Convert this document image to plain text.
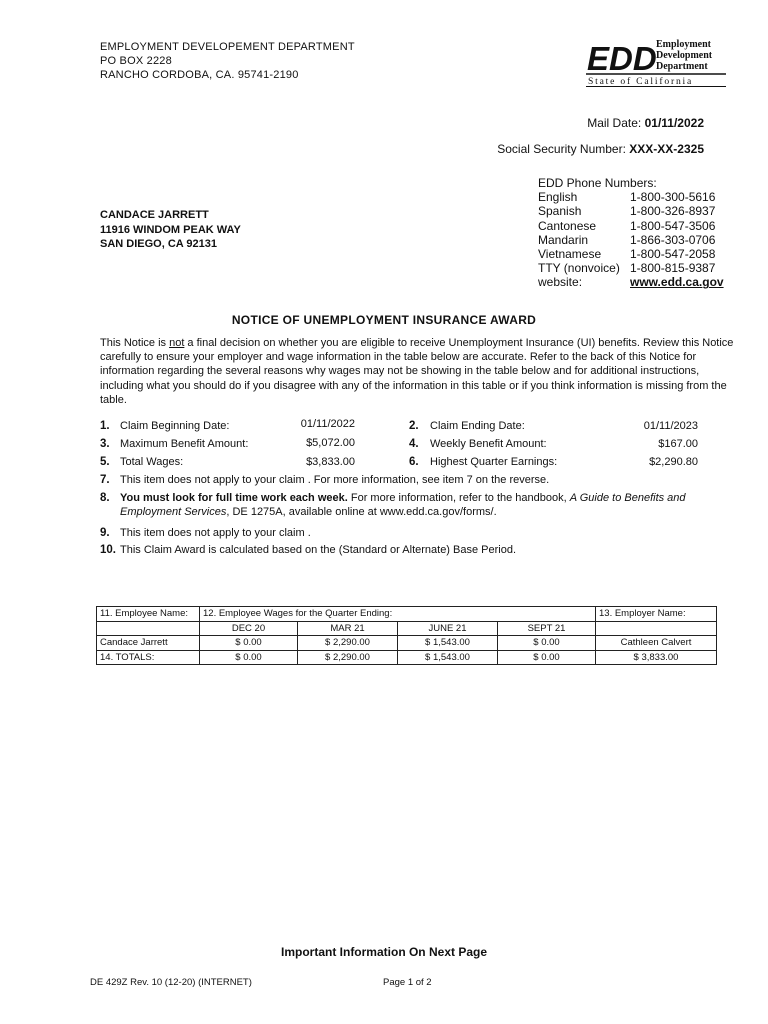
EMPLOYMENT DEVELOPEMENT DEPARTMENT
PO BOX 2228
RANCHO CORDOBA, CA. 95741-2190	EDD Employment
Development
Department
State of California
Mail Date: 01/11/2022
Social Security Number: XXX-XX-2325
EDD Phone Numbers:
English	1-800-300-5616
Spanish	1-800-326-8937
Cantonese	1-800-547-3506
Mandarin	1-866-303-0706
Vietnamese	1-800-547-2058
TTY (nonvoice) 1-800-815-9387
website:	www.edd.ca.gov
CANDACE JARRETT
11916 WINDOM PEAK WAY
SAN DIEGO, CA 92131
NOTICE OF UNEMPLOYMENT INSURANCE AWARD
This Notice is not a final decision on whether you are eligible to receive Unemployment Insurance (UI) benefits. Review this Notice carefully to ensure your employer and wage information in the table below are accurate. Refer to the back of this Notice for information regarding the several reasons why wages may not be showing in the table below and for additional instructions, including what you should do if you disagree with any of the information in this table or if you think information is missing from the table.
1. Claim Beginning Date:	01/11/2022	2. Claim Ending Date:	01/11/2023
3. Maximum Benefit Amount:	$5,072.00	4. Weekly Benefit Amount:	$167.00
5. Total Wages:	$3,833.00	6. Highest Quarter Earnings:	$2,290.80
7. This item does not apply to your claim . For more information, see item 7 on the reverse.
8. You must look for full time work each week. For more information, refer to the handbook, A Guide to Benefits and Employment Services, DE 1275A, available online at www.edd.ca.gov/forms/.
9. This item does not apply to your claim .
10. This Claim Award is calculated based on the (Standard or Alternate) Base Period.
11. Employee Name:	12. Employee Wages for the Quarter Ending:				13. Employer Name:
	DEC 20	MAR 21	JUNE 21	SEPT 21	
Candace Jarrett	$ 0.00	$ 2,290.00	$ 1,543.00	$ 0.00	Cathleen Calvert
14. TOTALS:	$ 0.00	$ 2,290.00	$ 1,543.00	$ 0.00	$ 3,833.00
Important Information On Next Page
DE 429Z Rev. 10 (12-20) (INTERNET)	Page 1 of 2
